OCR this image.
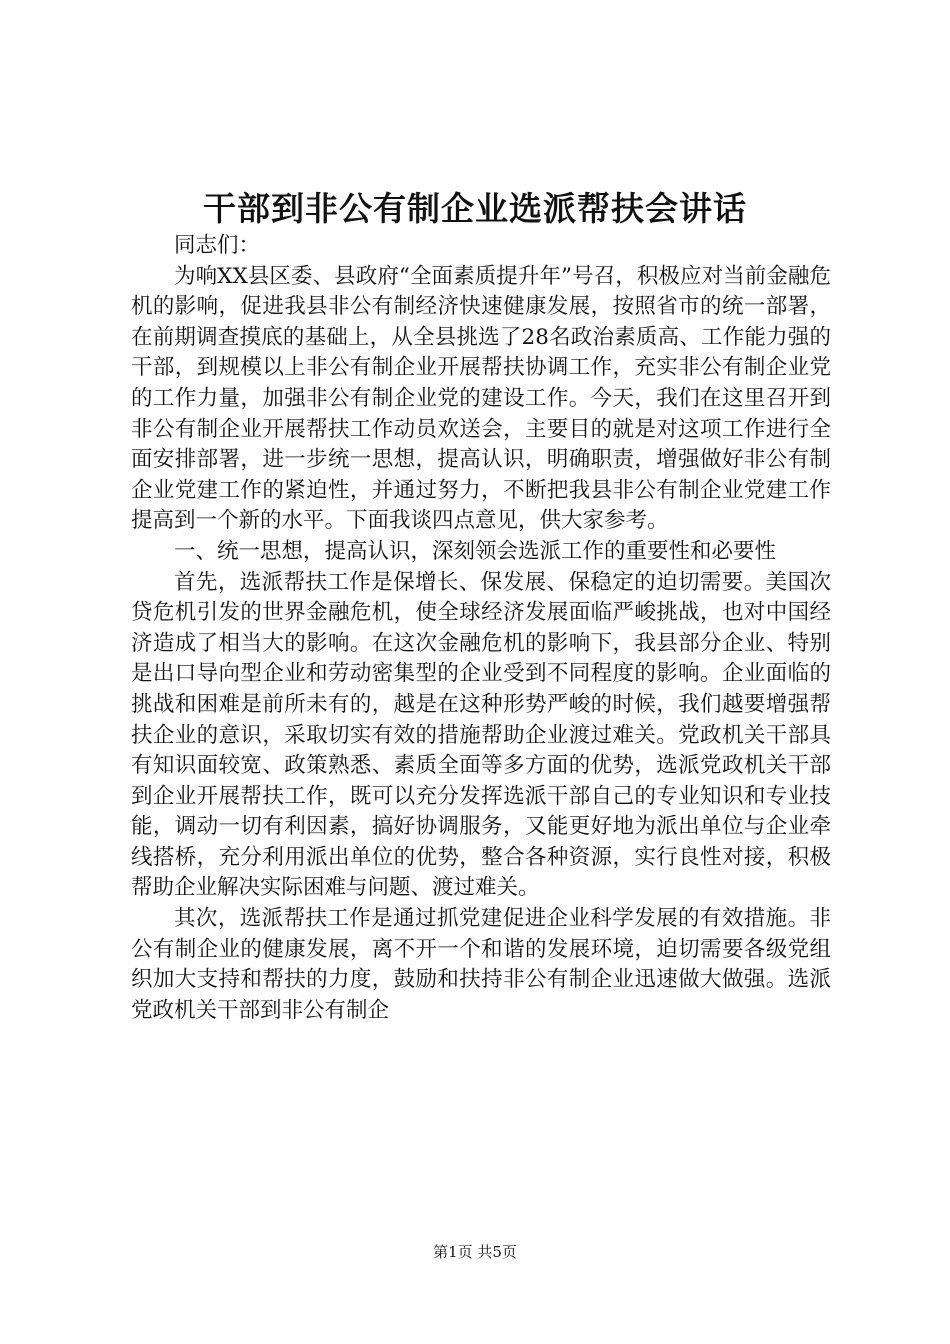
干部到非公有制企业选派帮扶会讲话

同志们：

为响XX县区委、县政府“全面素质提升年”号召，积极应对当前金融危机的影响，促进我县非公有制经济快速健康发展，按照省市的统一部署，在前期调查摸底的基础上，从全县挑选了28名政治素质高、工作能力强的干部，到规模以上非公有制企业开展帮扶协调工作，充实非公有制企业党的工作力量，加强非公有制企业党的建设工作。今天，我们在这里召开到非公有制企业开展帮扶工作动员欢送会，主要目的就是对这项工作进行全面安排部署，进一步统一思想，提高认识，明确职责，增强做好非公有制企业党建工作的紧迫性，并通过努力，不断把我县非公有制企业党建工作提高到一个新的水平。下面我谈四点意见，供大家参考。

一、统一思想，提高认识，深刻领会选派工作的重要性和必要性

首先，选派帮扶工作是保增长、保发展、保稳定的迫切需要。美国次贷危机引发的世界金融危机，使全球经济发展面临严峻挑战，也对中国经济造成了相当大的影响。在这次金融危机的影响下，我县部分企业、特别是出口导向型企业和劳动密集型的企业受到不同程度的影响。企业面临的挑战和困难是前所未有的，越是在这种形势严峻的时候，我们越要增强帮扶企业的意识，采取切实有效的措施帮助企业渡过难关。党政机关干部具有知识面较宽、政策熟悉、素质全面等多方面的优势，选派党政机关干部到企业开展帮扶工作，既可以充分发挥选派干部自己的专业知识和专业技能，调动一切有利因素，搞好协调服务，又能更好地为派出单位与企业牵线搭桥，充分利用派出单位的优势，整合各种资源，实行良性对接，积极帮助企业解决实际困难与问题、渡过难关。

其次，选派帮扶工作是通过抓党建促进企业科学发展的有效措施。非公有制企业的健康发展，离不开一个和谐的发展环境，迫切需要各级党组织加大支持和帮扶的力度，鼓励和扶持非公有制企业迅速做大做强。选派党政机关干部到非公有制企

第1页 共5页
